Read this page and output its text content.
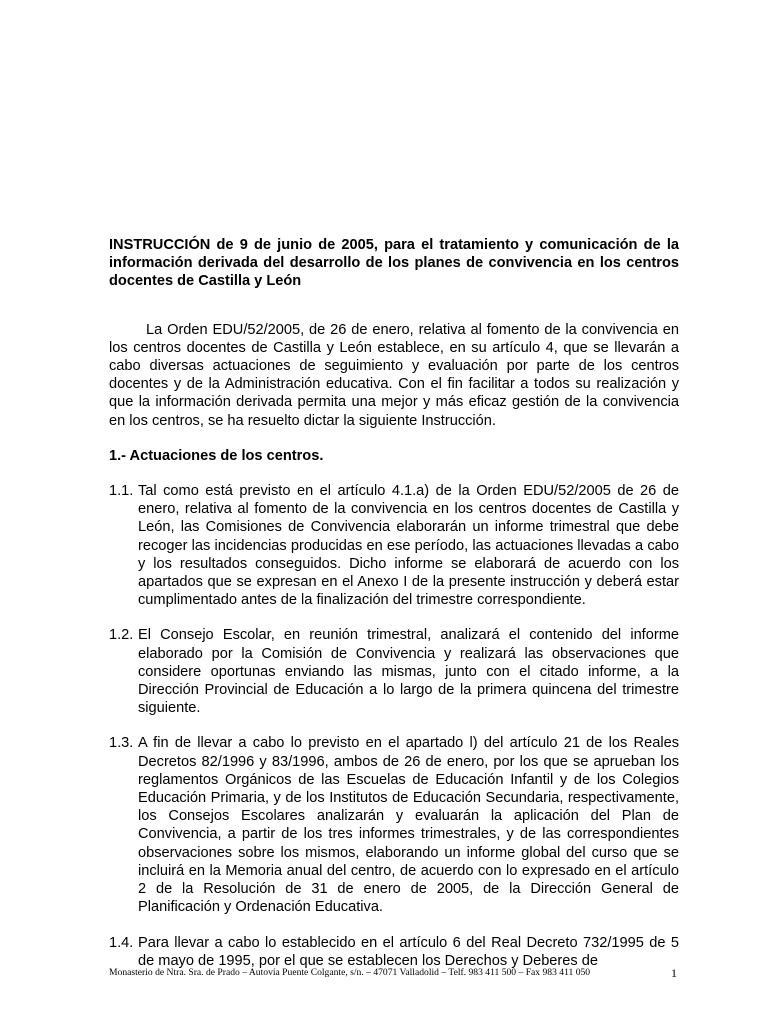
INSTRUCCIÓN de 9 de junio de 2005, para el tratamiento y comunicación de la información derivada del desarrollo de los planes de convivencia en los centros docentes de Castilla y León

La Orden EDU/52/2005, de 26 de enero, relativa al fomento de la convivencia en los centros docentes de Castilla y León establece, en su artículo 4, que se llevarán a cabo diversas actuaciones de seguimiento y evaluación por parte de los centros docentes y de la Administración educativa. Con el fin facilitar a todos su realización y que la información derivada permita una mejor y más eficaz gestión de la convivencia en los centros, se ha resuelto dictar la siguiente Instrucción.

1.- Actuaciones de los centros.

1.1. Tal como está previsto en el artículo 4.1.a) de la Orden EDU/52/2005 de 26 de enero, relativa al fomento de la convivencia en los centros docentes de Castilla y León, las Comisiones de Convivencia elaborarán un informe trimestral que debe recoger las incidencias producidas en ese período, las actuaciones llevadas a cabo y los resultados conseguidos. Dicho informe se elaborará de acuerdo con los apartados que se expresan en el Anexo I de la presente instrucción y deberá estar cumplimentado antes de la finalización del trimestre correspondiente.
1.2. El Consejo Escolar, en reunión trimestral, analizará el contenido del informe elaborado por la Comisión de Convivencia y realizará las observaciones que considere oportunas enviando las mismas, junto con el citado informe, a la Dirección Provincial de Educación a lo largo de la primera quincena del trimestre siguiente.
1.3. A fin de llevar a cabo lo previsto en el apartado l) del artículo 21 de los Reales Decretos 82/1996 y 83/1996, ambos de 26 de enero, por los que se aprueban los reglamentos Orgánicos de las Escuelas de Educación Infantil y de los Colegios Educación Primaria, y de los Institutos de Educación Secundaria, respectivamente, los Consejos Escolares analizarán y evaluarán la aplicación del Plan de Convivencia, a partir de los tres informes trimestrales, y de las correspondientes observaciones sobre los mismos, elaborando un informe global del curso que se incluirá en la Memoria anual del centro, de acuerdo con lo expresado en el artículo 2 de la Resolución de 31 de enero de 2005, de la Dirección General de Planificación y Ordenación Educativa.
1.4. Para llevar a cabo lo establecido en el artículo 6 del Real Decreto 732/1995 de 5 de mayo de 1995, por el que se establecen los Derechos y Deberes de
Monasterio de Ntra. Sra. de Prado – Autovía Puente Colgante, s/n. – 47071 Valladolid – Telf. 983 411 500 – Fax 983 411 050	1
